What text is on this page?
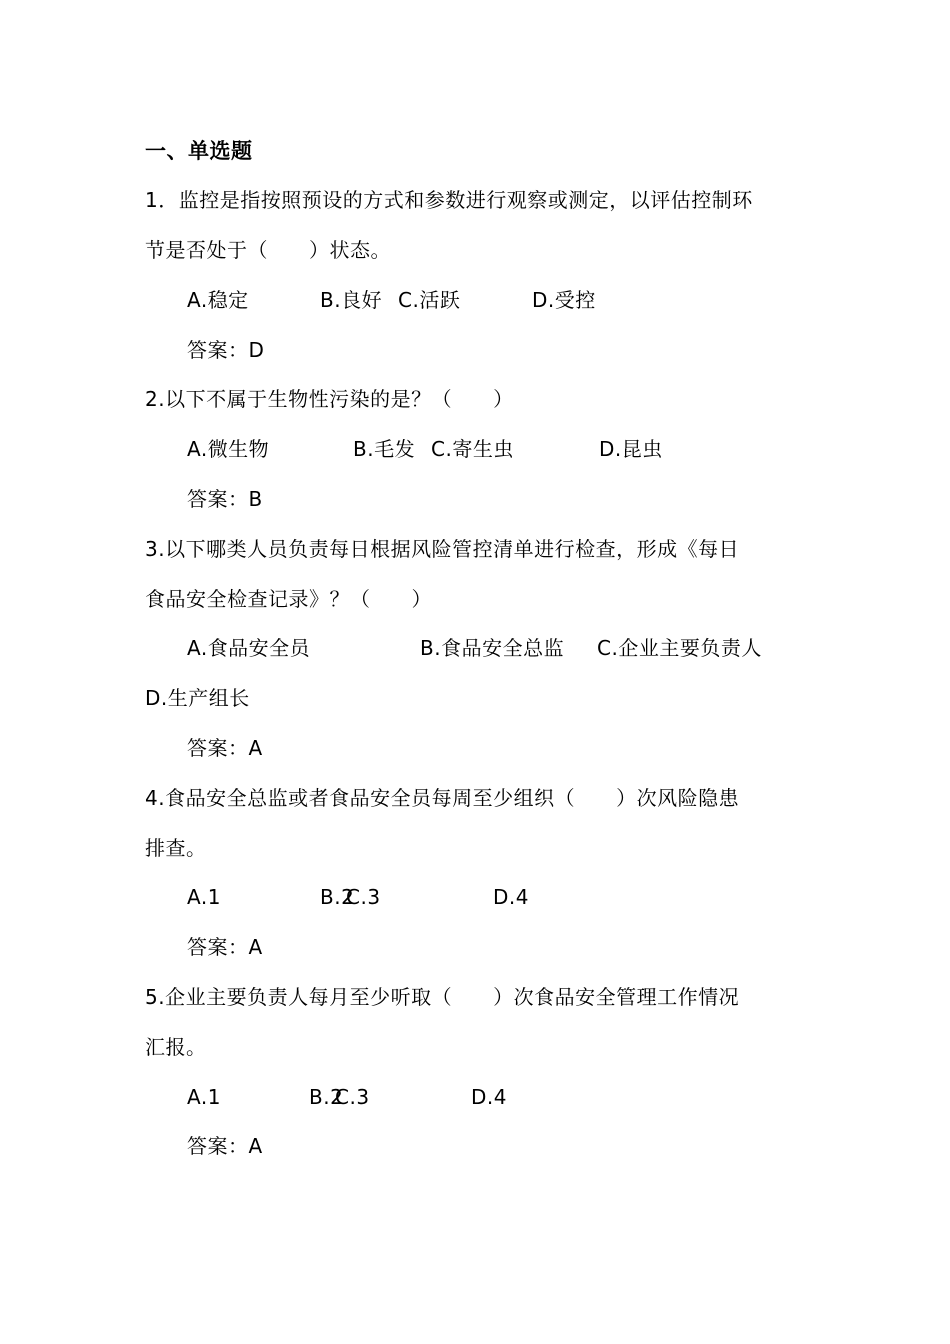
一、单选题
1．监控是指按照预设的方式和参数进行观察或测定，以评估控制环
节是否处于（　　）状态。
A.稳定	B.良好 C.活跃	D.受控
答案：D
2.以下不属于生物性污染的是？（　　）
A.微生物	B.毛发 C.寄生虫	D.昆虫
答案：B
3.以下哪类人员负责每日根据风险管控清单进行检查，形成《每日
食品安全检查记录》？（　　）
A.食品安全员	B.食品安全总监 C.企业主要负责人
D.生产组长
答案：A
4.食品安全总监或者食品安全员每周至少组织（　　）次风险隐患
排查。
A.1	B.2
C.3	D.4
答案：A
5.企业主要负责人每月至少听取（　　）次食品安全管理工作情况
汇报。
A.1	B.2
C.3	D.4
答案：A
